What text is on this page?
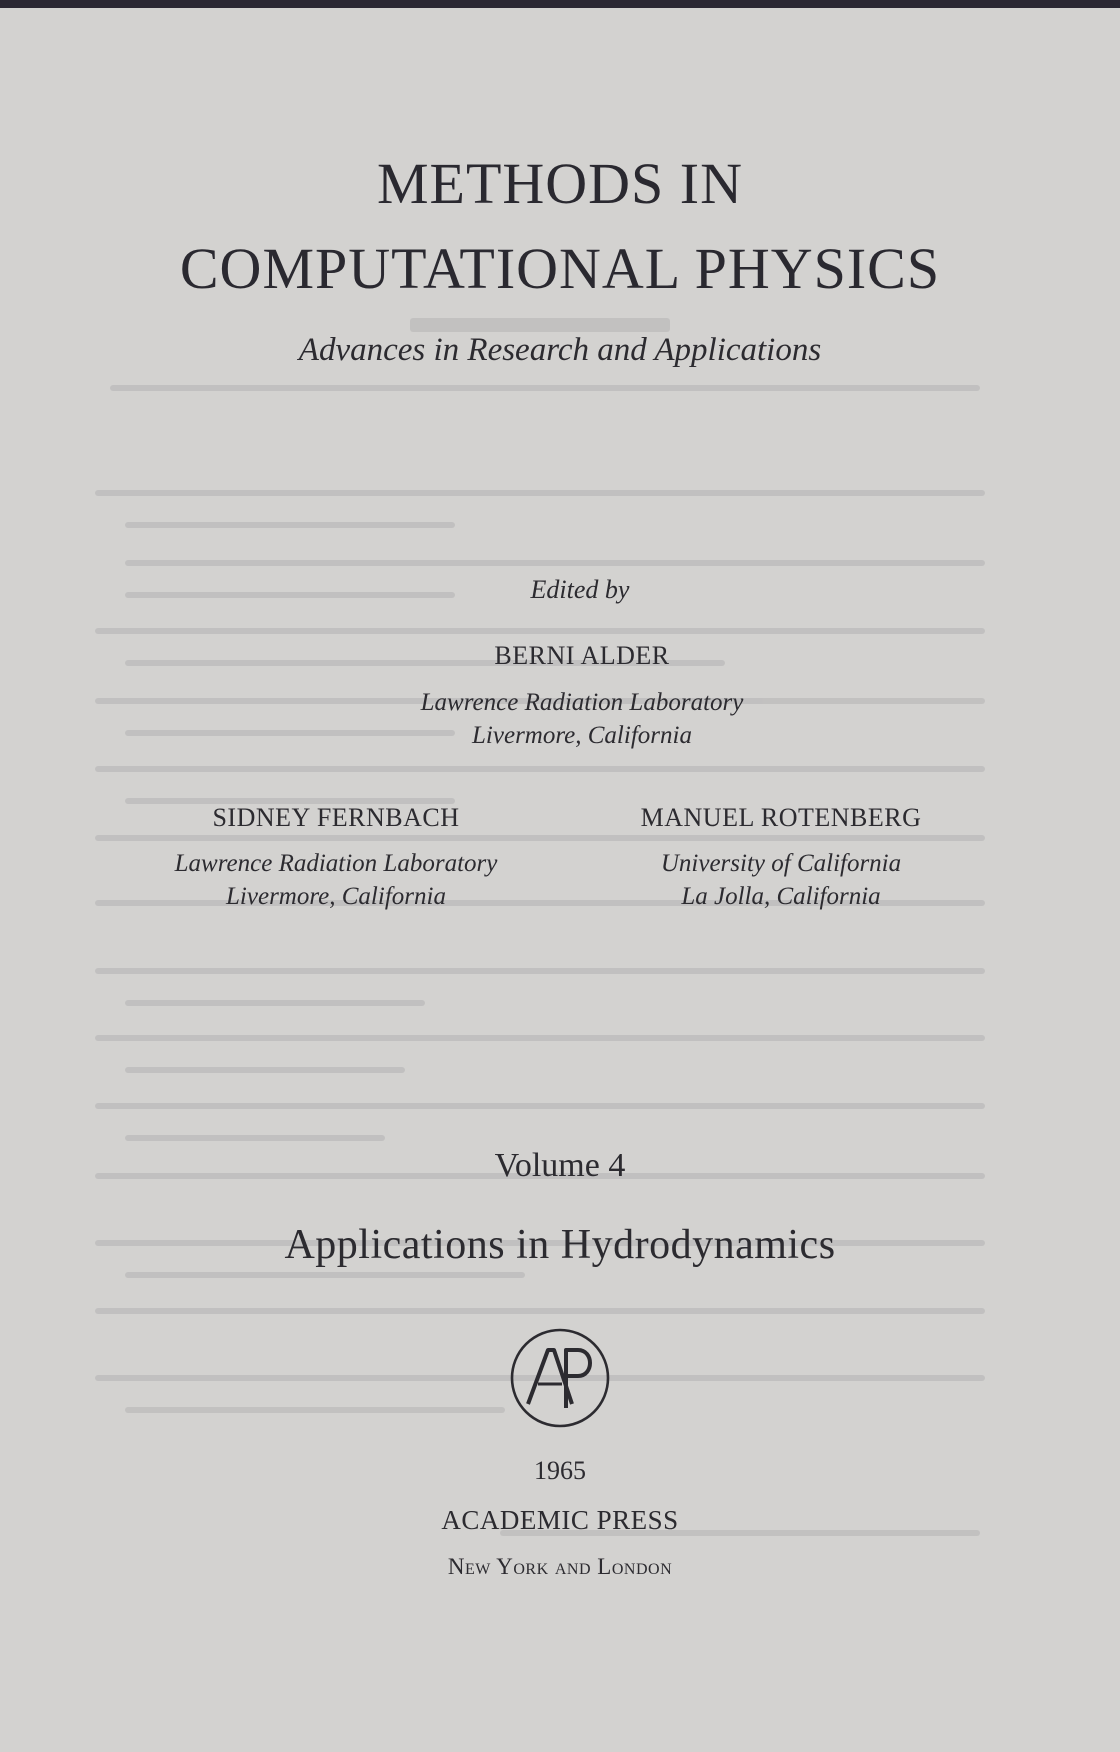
METHODS IN
COMPUTATIONAL PHYSICS
Advances in Research and Applications
Edited by
BERNI ALDER
Lawrence Radiation Laboratory
Livermore, California
SIDNEY FERNBACH
Lawrence Radiation Laboratory
Livermore, California
MANUEL ROTENBERG
University of California
La Jolla, California
Volume 4
Applications in Hydrodynamics
1965
ACADEMIC PRESS
New York and London
